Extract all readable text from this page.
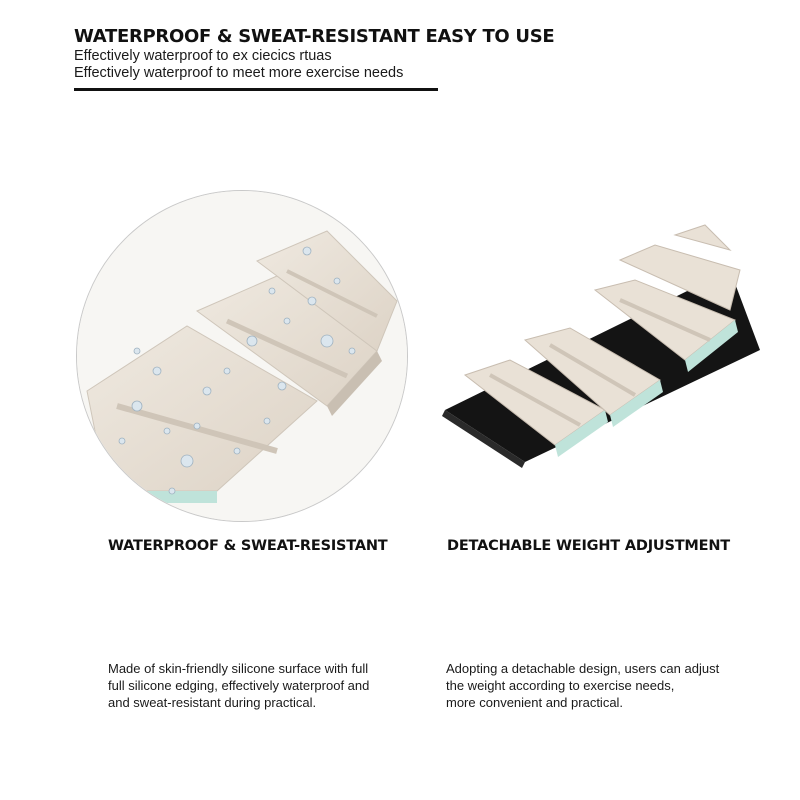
WATERPROOF & SWEAT-RESISTANT EASY TO USE
Effectively waterproof to ex ciecics rtuas
Effectively waterproof to meet more exercise needs
WATERPROOF & SWEAT-RESISTANT	DETACHABLE WEIGHT ADJUSTMENT
Made of skin-friendly silicone surface with full
full silicone edging, effectively waterproof and
and sweat-resistant during practical.
Adopting a detachable design, users can adjust
the weight according to exercise needs,
more convenient and practical.
